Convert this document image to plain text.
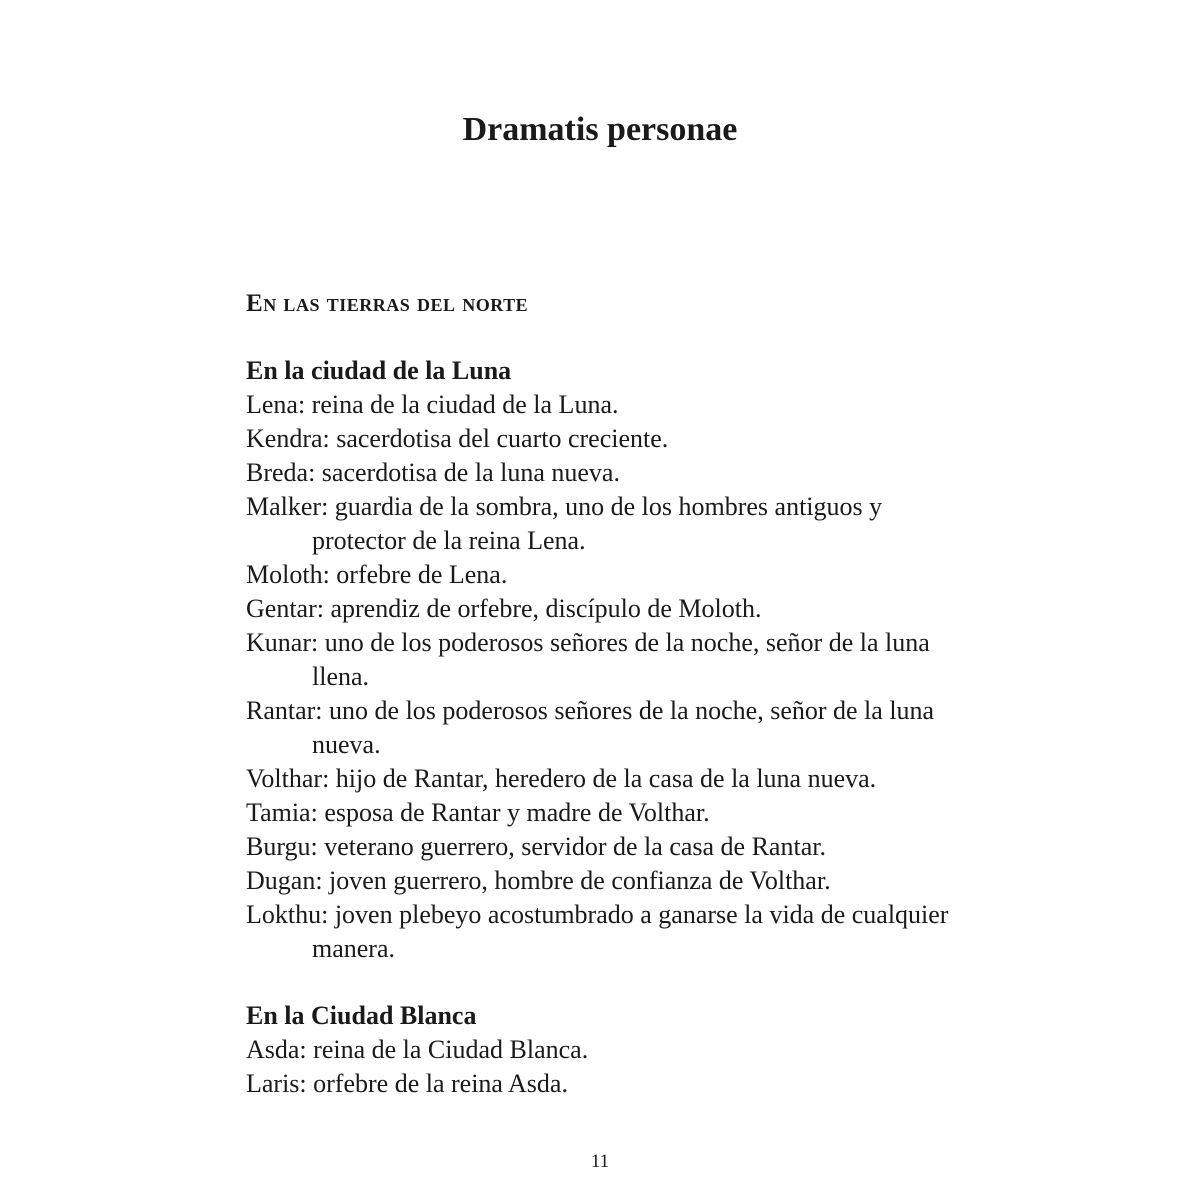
Dramatis personae
En las tierras del norte
En la ciudad de la Luna
Lena: reina de la ciudad de la Luna.
Kendra: sacerdotisa del cuarto creciente.
Breda: sacerdotisa de la luna nueva.
Malker: guardia de la sombra, uno de los hombres antiguos y protector de la reina Lena.
Moloth: orfebre de Lena.
Gentar: aprendiz de orfebre, discípulo de Moloth.
Kunar: uno de los poderosos señores de la noche, señor de la luna llena.
Rantar: uno de los poderosos señores de la noche, señor de la luna nueva.
Volthar: hijo de Rantar, heredero de la casa de la luna nueva.
Tamia: esposa de Rantar y madre de Volthar.
Burgu: veterano guerrero, servidor de la casa de Rantar.
Dugan: joven guerrero, hombre de confianza de Volthar.
Lokthu: joven plebeyo acostumbrado a ganarse la vida de cualquier manera.
En la Ciudad Blanca
Asda: reina de la Ciudad Blanca.
Laris: orfebre de la reina Asda.

11
